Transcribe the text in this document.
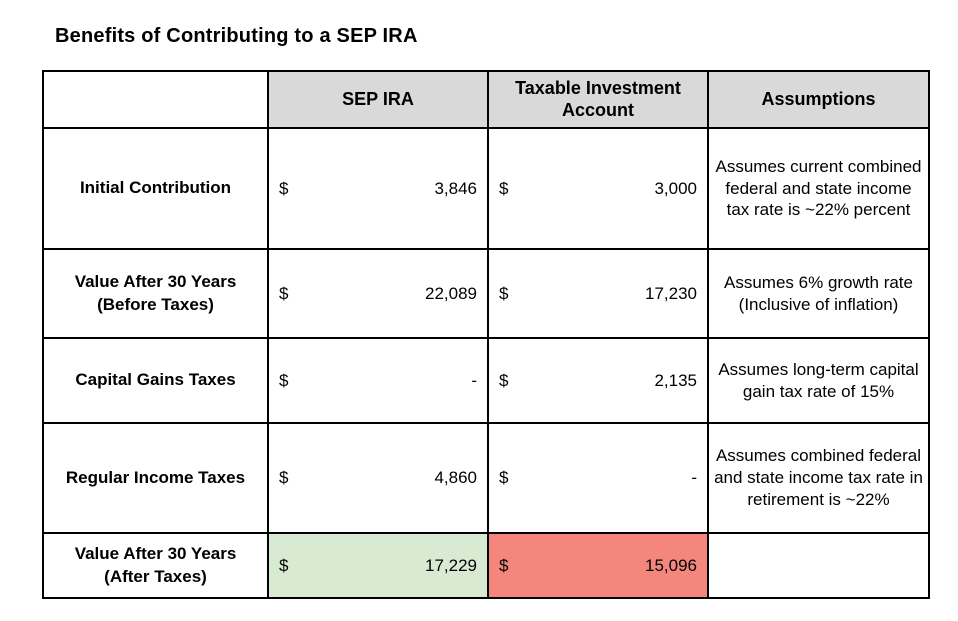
Benefits of Contributing to a SEP IRA
	SEP IRA	Taxable Investment Account	Assumptions
Initial Contribution	$ 3,846	$ 3,000	Assumes current combined federal and state income tax rate is ~22% percent
Value After 30 Years (Before Taxes)	$ 22,089	$ 17,230	Assumes 6% growth rate (Inclusive of inflation)
Capital Gains Taxes	$ -	$ 2,135	Assumes long-term capital gain tax rate of 15%
Regular Income Taxes	$ 4,860	$ -	Assumes combined federal and state income tax rate in retirement is ~22%
Value After 30 Years (After Taxes)	$ 17,229	$ 15,096	
